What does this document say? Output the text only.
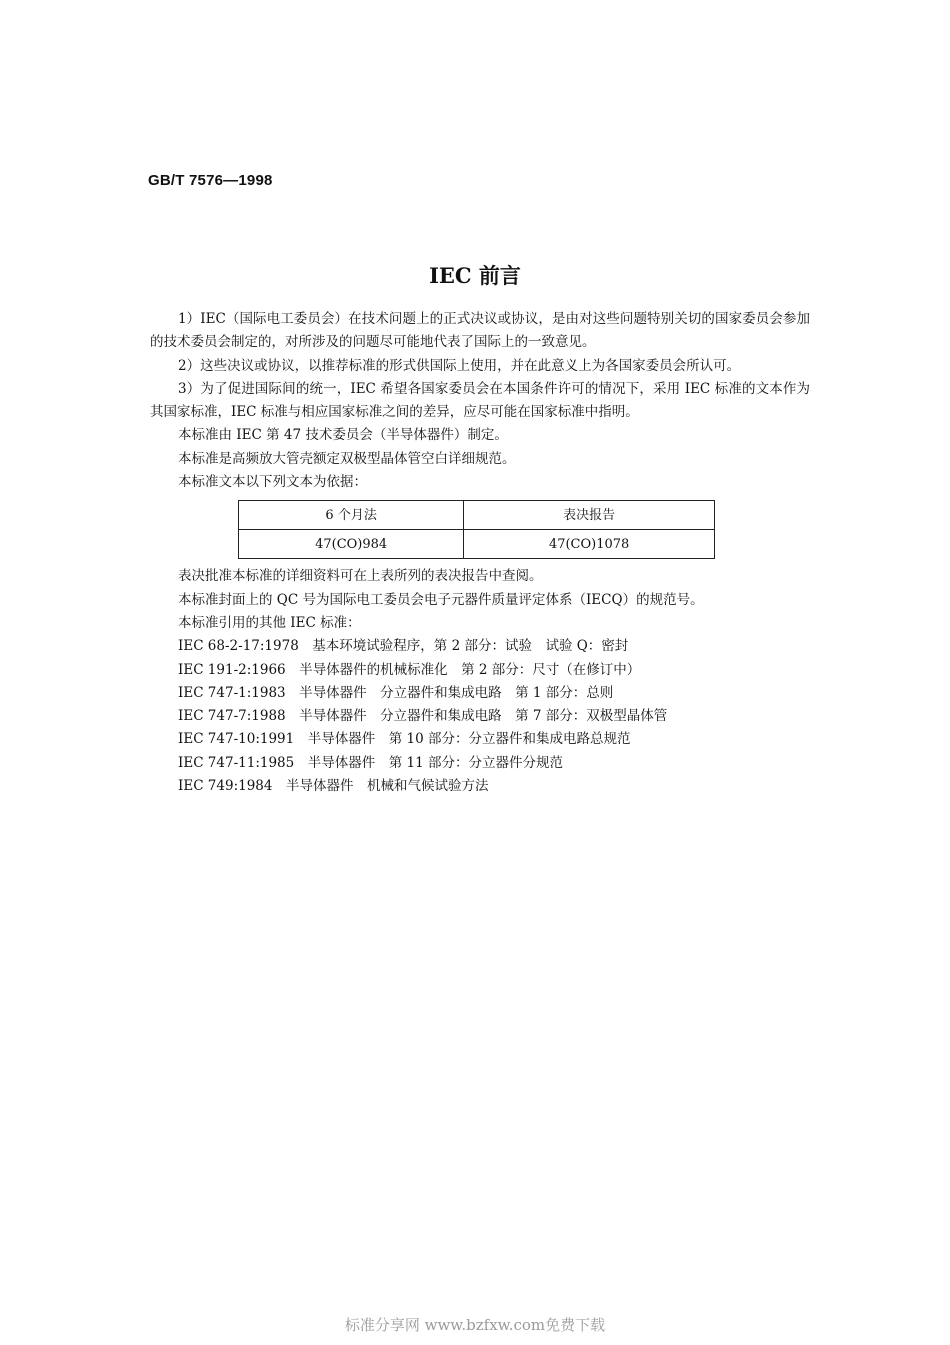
GB/T 7576—1998
IEC 前言

1）IEC（国际电工委员会）在技术问题上的正式决议或协议，是由对这些问题特别关切的国家委员会参加的技术委员会制定的，对所涉及的问题尽可能地代表了国际上的一致意见。

2）这些决议或协议，以推荐标准的形式供国际上使用，并在此意义上为各国家委员会所认可。

3）为了促进国际间的统一，IEC 希望各国家委员会在本国条件许可的情况下，采用 IEC 标准的文本作为其国家标准，IEC 标准与相应国家标准之间的差异，应尽可能在国家标准中指明。

本标准由 IEC 第 47 技术委员会（半导体器件）制定。

本标准是高频放大管壳额定双极型晶体管空白详细规范。

本标准文本以下列文本为依据：

6 个月法	表决报告
47(CO)984	47(CO)1078

表决批准本标准的详细资料可在上表所列的表决报告中查阅。

本标准封面上的 QC 号为国际电工委员会电子元器件质量评定体系（IECQ）的规范号。

本标准引用的其他 IEC 标准：

IEC 68-2-17:1978　基本环境试验程序，第 2 部分：试验　试验 Q：密封

IEC 191-2:1966　半导体器件的机械标准化　第 2 部分：尺寸（在修订中）

IEC 747-1:1983　半导体器件　分立器件和集成电路　第 1 部分：总则

IEC 747-7:1988　半导体器件　分立器件和集成电路　第 7 部分：双极型晶体管

IEC 747-10:1991　半导体器件　第 10 部分：分立器件和集成电路总规范

IEC 747-11:1985　半导体器件　第 11 部分：分立器件分规范

IEC 749:1984　半导体器件　机械和气候试验方法

标准分享网 www.bzfxw.com免费下载
